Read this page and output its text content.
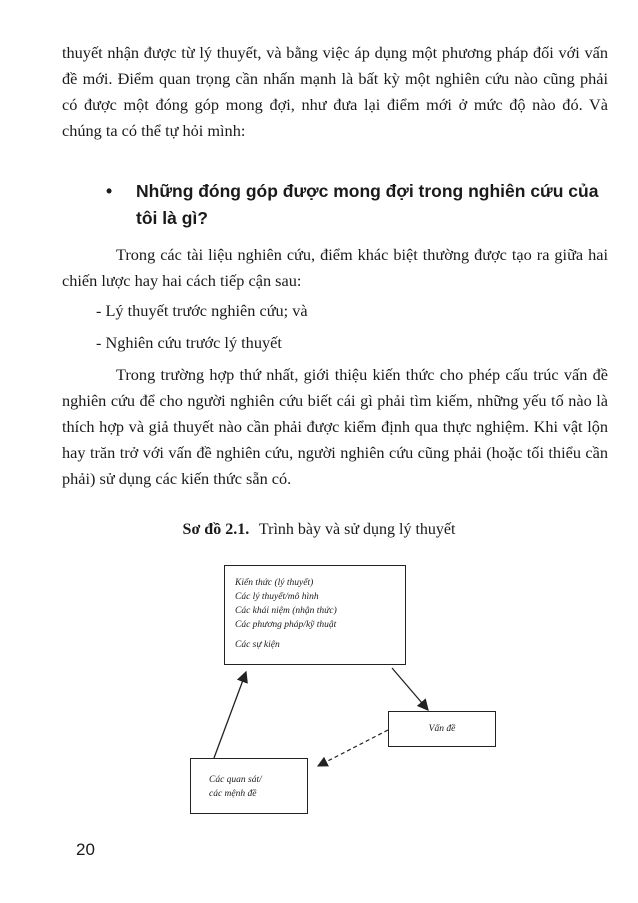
thuyết nhận được từ lý thuyết, và bằng việc áp dụng một phương pháp đối với vấn đề mới. Điểm quan trọng cần nhấn mạnh là bất kỳ một nghiên cứu nào cũng phải có được một đóng góp mong đợi, như đưa lại điểm mới ở mức độ nào đó. Và chúng ta có thể tự hỏi mình:

• Những đóng góp được mong đợi trong nghiên cứu của tôi là gì?

Trong các tài liệu nghiên cứu, điểm khác biệt thường được tạo ra giữa hai chiến lược hay hai cách tiếp cận sau:

- Lý thuyết trước nghiên cứu; và

- Nghiên cứu trước lý thuyết

Trong trường hợp thứ nhất, giới thiệu kiến thức cho phép cấu trúc vấn đề nghiên cứu để cho người nghiên cứu biết cái gì phải tìm kiếm, những yếu tố nào là thích hợp và giả thuyết nào cần phải được kiểm định qua thực nghiệm. Khi vật lộn hay trăn trở với vấn đề nghiên cứu, người nghiên cứu cũng phải (hoặc tối thiểu cần phải) sử dụng các kiến thức sẵn có.

Sơ đồ 2.1. Trình bày và sử dụng lý thuyết
Kiến thức (lý thuyết)
Các lý thuyết/mô hình
Các khái niệm (nhận thức)
Các phương pháp/kỹ thuật
Các sự kiện
Vấn đề
Các quan sát/
các mệnh đề
20
